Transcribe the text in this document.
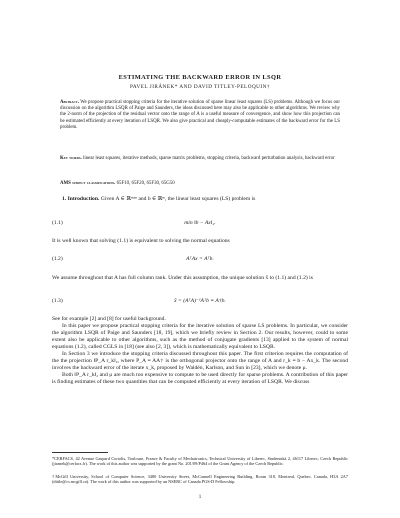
ESTIMATING THE BACKWARD ERROR IN LSQR
PAVEL JIRÁNEK* AND DAVID TITLEY-PELOQUIN†
Abstract. We propose practical stopping criteria for the iterative solution of sparse linear least squares (LS) problems. Although we focus our discussion on the algorithm LSQR of Paige and Saunders, the ideas discussed here may also be applicable to other algorithms. We review why the 2-norm of the projection of the residual vector onto the range of A is a useful measure of convergence, and show how this projection can be estimated efficiently at every iteration of LSQR. We also give practical and cheaply-computable estimates of the backward error for the LS problem.
Key words. linear least squares, iterative methods, sparse matrix problems, stopping criteria, backward perturbation analysis, backward error
AMS subject classifications. 65F10, 65F20, 65F30, 65G50

1. Introduction. Given A ∈ ℝᵐˣⁿ and b ∈ ℝᵐ, the linear least squares (LS) problem is

(1.1)	min ‖b − Ax‖₂.

It is well known that solving (1.1) is equivalent to solving the normal equations

(1.2)	AᵀAx = Aᵀb.

We assume throughout that A has full column rank. Under this assumption, the unique solution x̂ to (1.1) and (1.2) is

(1.3)	x̂ = (AᵀA)⁻¹Aᵀb ≡ A†b.

See for example [2] and [8] for useful background.

In this paper we propose practical stopping criteria for the iterative solution of sparse LS problems. In particular, we consider the algorithm LSQR of Paige and Saunders [18, 19], which we briefly review in Section 2. Our results, however, could to some extent also be applicable to other algorithms, such as the method of conjugate gradients [13] applied to the system of normal equations (1.2), called CGLS in [18] (see also [2, 3]), which is mathematically equivalent to LSQR.

In Section 3 we introduce the stopping criteria discussed throughout this paper. The first criterion requires the computation of the the projection ‖P_A r_k‖₂, where P_A ≡ AA† is the orthogonal projector onto the range of A and r_k ≡ b − Ax_k. The second involves the backward error of the iterate x_k, proposed by Waldén, Karlson, and Sun in [23], which we denote μ.

Both ‖P_A r_k‖₂ and μ are much too expensive to compute to be used directly for sparse problems. A contribution of this paper is finding estimates of these two quantities that can be computed efficiently at every iteration of LSQR. We discuss

*CERFACS, 42 Avenue Gaspard Coriolis, Toulouse, France & Faculty of Mechatronics, Technical University of Liberec, Studentská 2, 46117 Liberec, Czech Republic (jiranek@cerfacs.fr). The work of this author was supported by the grant No. 201/09/P464 of the Grant Agency of the Czech Republic.
†McGill University, School of Computer Science, 3480 University Street, McConnell Engineering Building, Room 318, Montreal, Quebec, Canada, H3A 2A7 (dtitle@cs.mcgill.ca). The work of this author was supported by an NSERC of Canada PGS-D Fellowship.
1
